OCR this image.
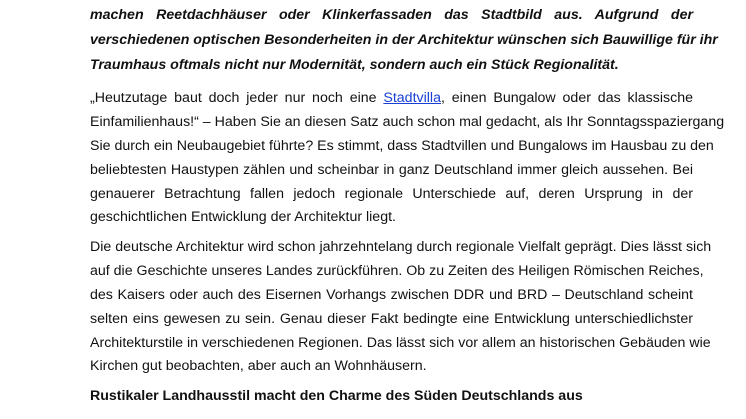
machen Reetdachhäuser oder Klinkerfassaden das Stadtbild aus. Aufgrund der
verschiedenen optischen Besonderheiten in der Architektur wünschen sich Bauwillige für ihr
Traumhaus oftmals nicht nur Modernität, sondern auch ein Stück Regionalität.
„Heutzutage baut doch jeder nur noch eine Stadtvilla, einen Bungalow oder das klassische
Einfamilienhaus!“ – Haben Sie an diesen Satz auch schon mal gedacht, als Ihr Sonntagsspaziergang
Sie durch ein Neubaugebiet führte? Es stimmt, dass Stadtvillen und Bungalows im Hausbau zu den
beliebtesten Haustypen zählen und scheinbar in ganz Deutschland immer gleich aussehen. Bei
genauerer Betrachtung fallen jedoch regionale Unterschiede auf, deren Ursprung in der
geschichtlichen Entwicklung der Architektur liegt.
Die deutsche Architektur wird schon jahrzehntelang durch regionale Vielfalt geprägt. Dies lässt sich
auf die Geschichte unseres Landes zurückführen. Ob zu Zeiten des Heiligen Römischen Reiches,
des Kaisers oder auch des Eisernen Vorhangs zwischen DDR und BRD – Deutschland scheint
selten eins gewesen zu sein. Genau dieser Fakt bedingte eine Entwicklung unterschiedlichster
Architekturstile in verschiedenen Regionen. Das lässt sich vor allem an historischen Gebäuden wie
Kirchen gut beobachten, aber auch an Wohnhäusern.
Rustikaler Landhausstil macht den Charme des Süden Deutschlands aus
